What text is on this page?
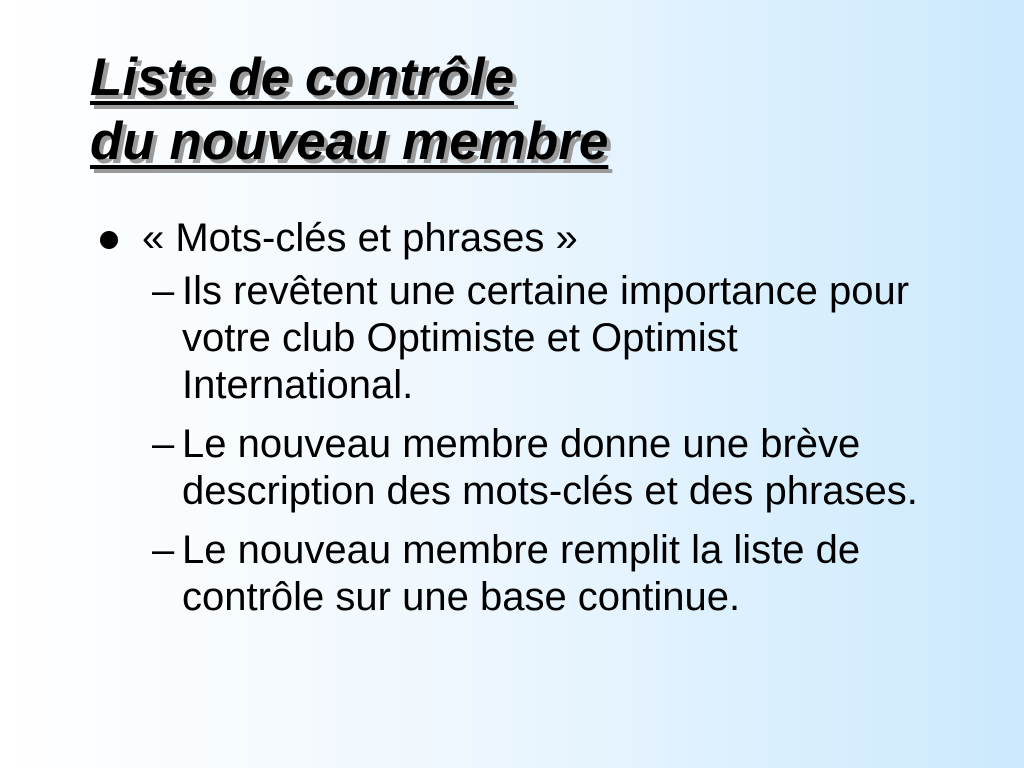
Liste de contrôle
du nouveau membre
« Mots-clés et phrases »
– Ils revêtent une certaine importance pour votre club Optimiste et Optimist International.
– Le nouveau membre donne une brève description des mots-clés et des phrases.
– Le nouveau membre remplit la liste de contrôle sur une base continue.
